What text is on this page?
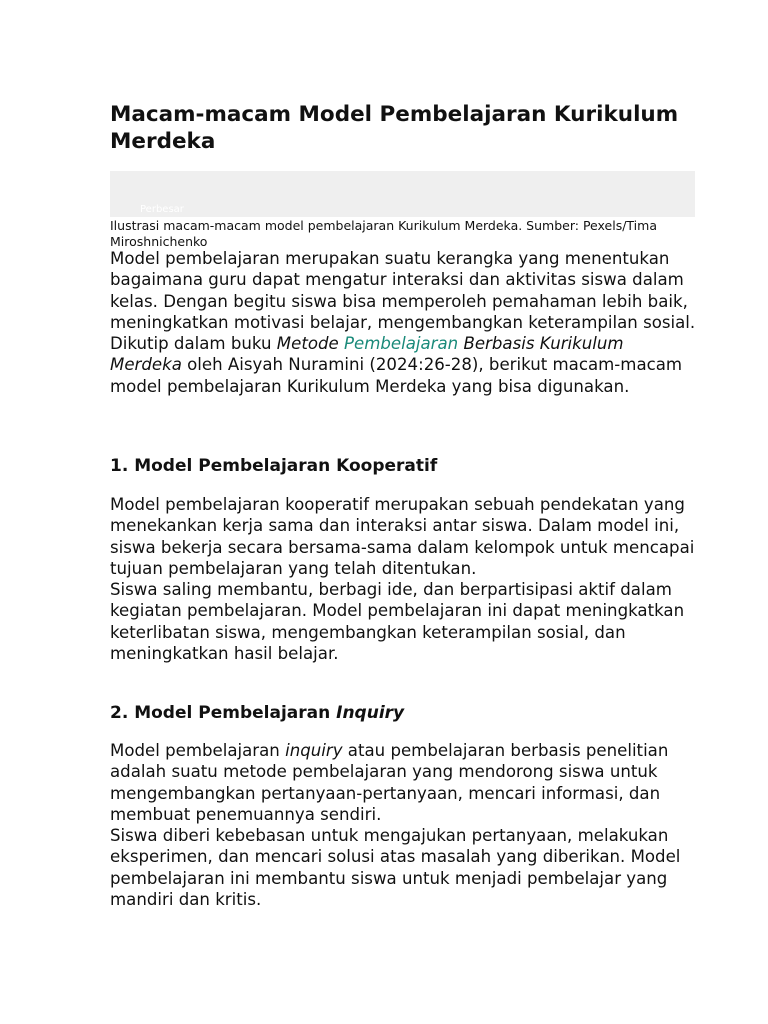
Macam-macam Model Pembelajaran Kurikulum Merdeka
Perbesar

Ilustrasi macam-macam model pembelajaran Kurikulum Merdeka. Sumber: Pexels/Tima Miroshnichenko

Model pembelajaran merupakan suatu kerangka yang menentukan bagaimana guru dapat mengatur interaksi dan aktivitas siswa dalam kelas. Dengan begitu siswa bisa memperoleh pemahaman lebih baik, meningkatkan motivasi belajar, mengembangkan keterampilan sosial.

Dikutip dalam buku Metode Pembelajaran Berbasis Kurikulum Merdeka oleh Aisyah Nuramini (2024:26-28), berikut macam-macam model pembelajaran Kurikulum Merdeka yang bisa digunakan.

1. Model Pembelajaran Kooperatif

Model pembelajaran kooperatif merupakan sebuah pendekatan yang menekankan kerja sama dan interaksi antar siswa. Dalam model ini, siswa bekerja secara bersama-sama dalam kelompok untuk mencapai tujuan pembelajaran yang telah ditentukan.

Siswa saling membantu, berbagi ide, dan berpartisipasi aktif dalam kegiatan pembelajaran. Model pembelajaran ini dapat meningkatkan keterlibatan siswa, mengembangkan keterampilan sosial, dan meningkatkan hasil belajar.

2. Model Pembelajaran Inquiry

Model pembelajaran inquiry atau pembelajaran berbasis penelitian adalah suatu metode pembelajaran yang mendorong siswa untuk mengembangkan pertanyaan-pertanyaan, mencari informasi, dan membuat penemuannya sendiri.

Siswa diberi kebebasan untuk mengajukan pertanyaan, melakukan eksperimen, dan mencari solusi atas masalah yang diberikan. Model pembelajaran ini membantu siswa untuk menjadi pembelajar yang mandiri dan kritis.
